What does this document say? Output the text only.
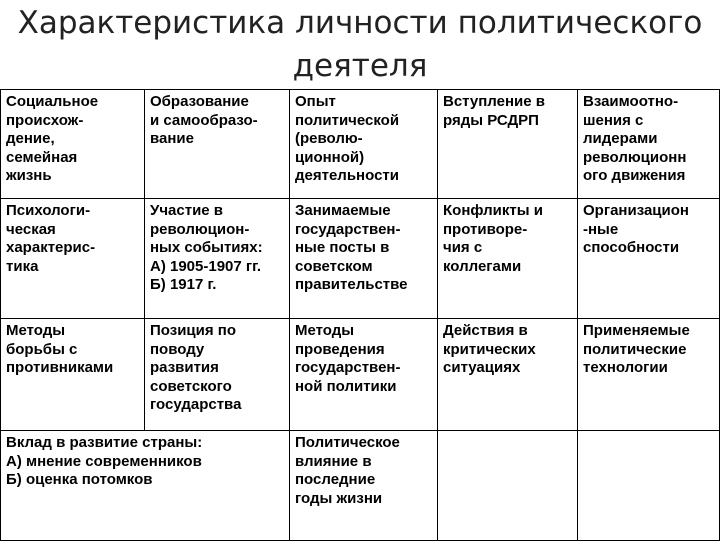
Характеристика личности политического
деятеля
Социальное
происхож-
дение,
семейная
жизнь	Образование
и самообразо-
вание	Опыт
политической
(револю-
ционной)
деятельности	Вступление в
ряды РСДРП	Взаимоотно-
шения с
лидерами
революционн
ого движения

Психологи-
ческая
характерис-
тика	Участие в
революцион-
ных событиях:
А) 1905-1907 гг.
Б) 1917 г.	Занимаемые
государствен-
ные посты в
советском
правительстве	Конфликты и
противоре-
чия с
коллегами	Организацион
-ные
способности

Методы
борьбы с
противниками	Позиция по
поводу
развития
советского
государства	Методы
проведения
государствен-
ной политики	Действия в
критических
ситуациях	Применяемые
политические
технологии

Вклад в развитие страны:
А) мнение современников
Б) оценка потомков		Политическое
влияние в
последние
годы жизни		
